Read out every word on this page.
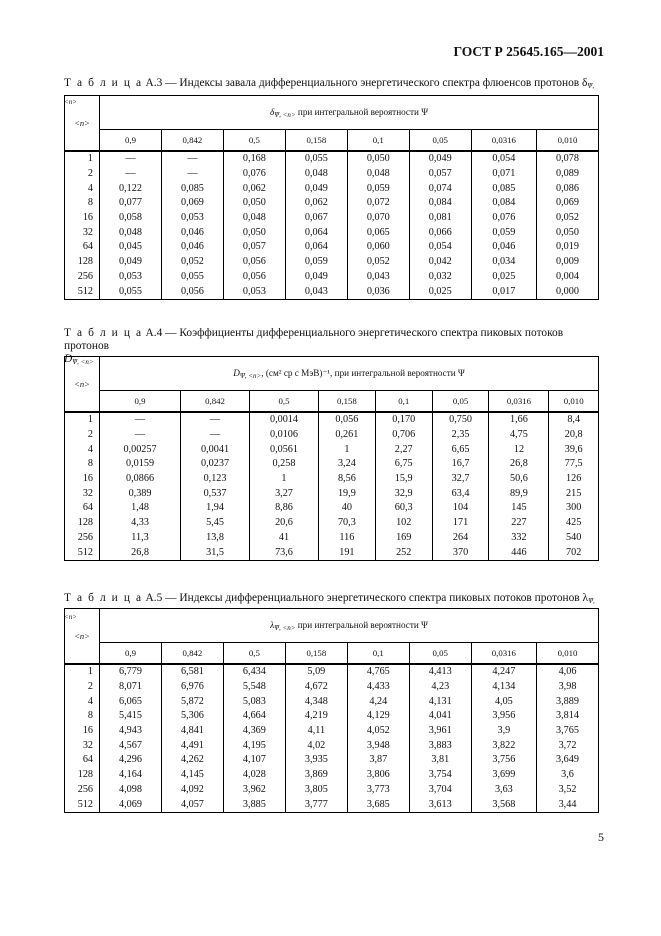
ГОСТ Р 25645.165—2001
Т а б л и ц а А.3 — Индексы завала дифференциального энергетического спектра флюенсов протонов $\delta_{\Psi, <n>}$
<n>	$\delta_{\Psi, <n>}$ при интегральной вероятности Ψ							
	0,9	0,842	0,5	0,158	0,1	0,05	0,0316	0,010
1	—	—	0,168	0,055	0,050	0,049	0,054	0,078
2	—	—	0,076	0,048	0,048	0,057	0,071	0,089
4	0,122	0,085	0,062	0,049	0,059	0,074	0,085	0,086
8	0,077	0,069	0,050	0,062	0,072	0,084	0,084	0,069
16	0,058	0,053	0,048	0,067	0,070	0,081	0,076	0,052
32	0,048	0,046	0,050	0,064	0,065	0,066	0,059	0,050
64	0,045	0,046	0,057	0,064	0,060	0,054	0,046	0,019
128	0,049	0,052	0,056	0,059	0,052	0,042	0,034	0,009
256	0,053	0,055	0,056	0,049	0,043	0,032	0,025	0,004
512	0,055	0,056	0,053	0,043	0,036	0,025	0,017	0,000
Т а б л и ц а А.4 — Коэффициенты дифференциального энергетического спектра пиковых потоков протонов
$D_{\Psi, <n>}$
<n>	$D_{\Psi, <n>}$, (см² ср с МэВ)⁻¹, при интегральной вероятности Ψ							
	0,9	0,842	0,5	0,158	0,1	0,05	0,0316	0,010
1	—	—	0,0014	0,056	0,170	0,750	1,66	8,4
2	—	—	0,0106	0,261	0,706	2,35	4,75	20,8
4	0,00257	0,0041	0,0561	1	2,27	6,65	12	39,6
8	0,0159	0,0237	0,258	3,24	6,75	16,7	26,8	77,5
16	0,0866	0,123	1	8,56	15,9	32,7	50,6	126
32	0,389	0,537	3,27	19,9	32,9	63,4	89,9	215
64	1,48	1,94	8,86	40	60,3	104	145	300
128	4,33	5,45	20,6	70,3	102	171	227	425
256	11,3	13,8	41	116	169	264	332	540
512	26,8	31,5	73,6	191	252	370	446	702
Т а б л и ц а А.5 — Индексы дифференциального энергетического спектра пиковых потоков протонов $\lambda_{\Psi, <n>}$
<n>	$\lambda_{\Psi, <n>}$ при интегральной вероятности Ψ							
	0,9	0,842	0,5	0,158	0,1	0,05	0,0316	0,010
1	6,779	6,581	6,434	5,09	4,765	4,413	4,247	4,06
2	8,071	6,976	5,548	4,672	4,433	4,23	4,134	3,98
4	6,065	5,872	5,083	4,348	4,24	4,131	4,05	3,889
8	5,415	5,306	4,664	4,219	4,129	4,041	3,956	3,814
16	4,943	4,841	4,369	4,11	4,052	3,961	3,9	3,765
32	4,567	4,491	4,195	4,02	3,948	3,883	3,822	3,72
64	4,296	4,262	4,107	3,935	3,87	3,81	3,756	3,649
128	4,164	4,145	4,028	3,869	3,806	3,754	3,699	3,6
256	4,098	4,092	3,962	3,805	3,773	3,704	3,63	3,52
512	4,069	4,057	3,885	3,777	3,685	3,613	3,568	3,44
5
